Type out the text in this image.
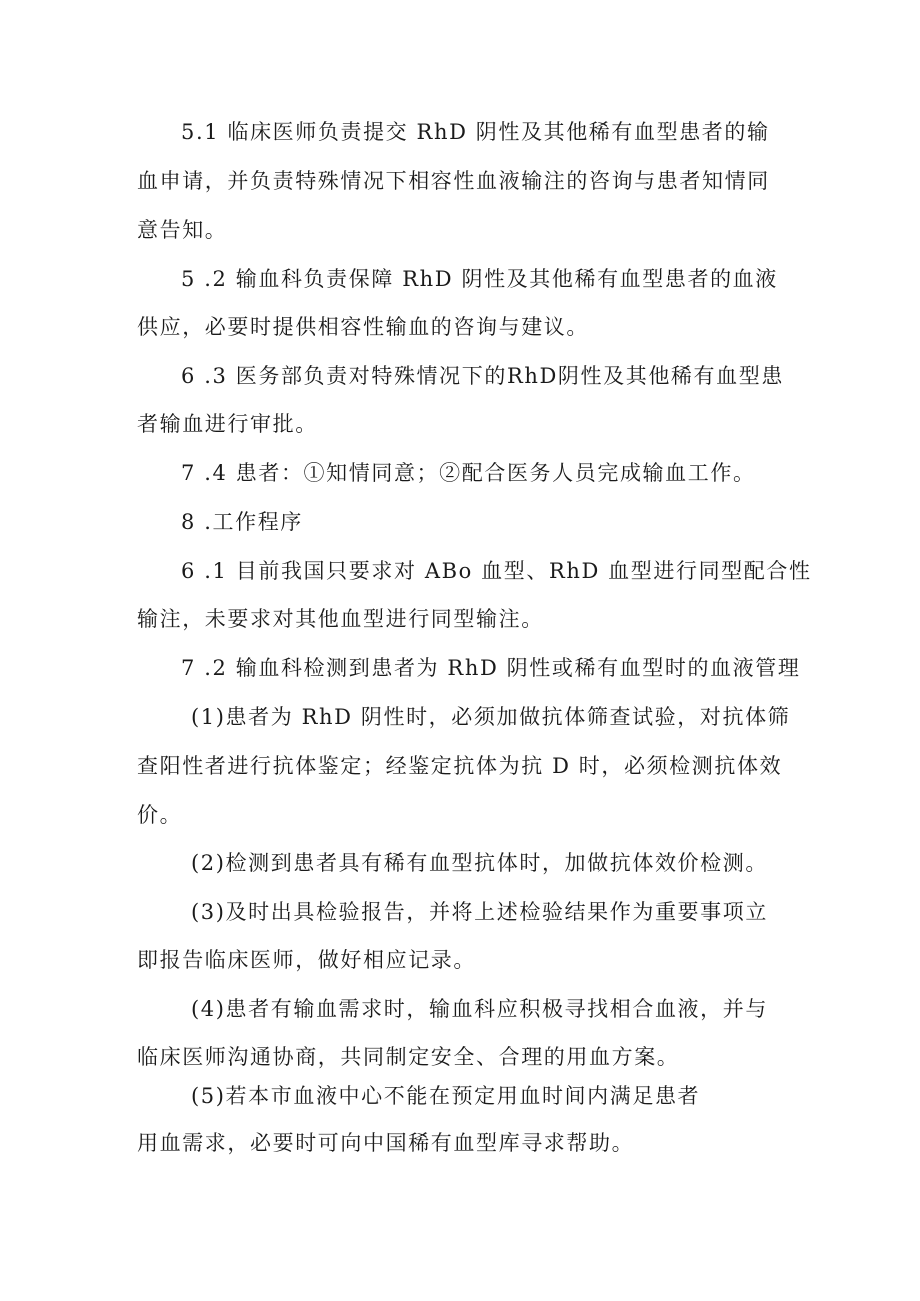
5.1 临床医师负责提交 RhD 阴性及其他稀有血型患者的输
血申请，并负责特殊情况下相容性血液输注的咨询与患者知情同
意告知。
5 .2 输血科负责保障 RhD 阴性及其他稀有血型患者的血液
供应，必要时提供相容性输血的咨询与建议。
6 .3 医务部负责对特殊情况下的RhD阴性及其他稀有血型患
者输血进行审批。
7 .4 患者：①知情同意；②配合医务人员完成输血工作。
8 .工作程序
6 .1 目前我国只要求对 ABo 血型、RhD 血型进行同型配合性
输注，未要求对其他血型进行同型输注。
7 .2 输血科检测到患者为 RhD 阴性或稀有血型时的血液管理
(1)患者为 RhD 阴性时，必须加做抗体筛查试验，对抗体筛
查阳性者进行抗体鉴定；经鉴定抗体为抗 D 时，必须检测抗体效
价。
(2)检测到患者具有稀有血型抗体时，加做抗体效价检测。
(3)及时出具检验报告，并将上述检验结果作为重要事项立
即报告临床医师，做好相应记录。
(4)患者有输血需求时，输血科应积极寻找相合血液，并与
临床医师沟通协商，共同制定安全、合理的用血方案。
(5)若本市血液中心不能在预定用血时间内满足患者
用血需求，必要时可向中国稀有血型库寻求帮助。
